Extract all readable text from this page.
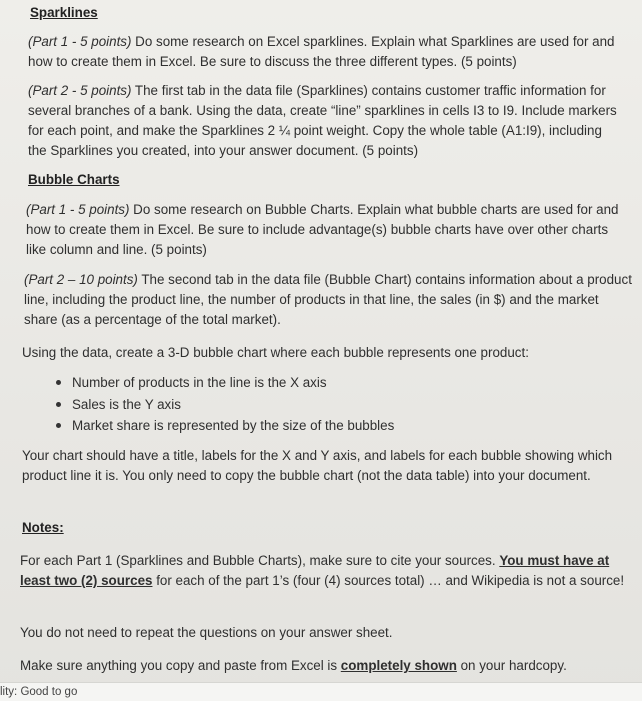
Sparklines
(Part 1 - 5 points) Do some research on Excel sparklines. Explain what Sparklines are used for and how to create them in Excel. Be sure to discuss the three different types. (5 points)
(Part 2 - 5 points) The first tab in the data file (Sparklines) contains customer traffic information for several branches of a bank. Using the data, create “line” sparklines in cells I3 to I9. Include markers for each point, and make the Sparklines 2 ¼ point weight. Copy the whole table (A1:I9), including the Sparklines you created, into your answer document. (5 points)
Bubble Charts
(Part 1 - 5 points) Do some research on Bubble Charts. Explain what bubble charts are used for and how to create them in Excel. Be sure to include advantage(s) bubble charts have over other charts like column and line. (5 points)
(Part 2 – 10 points) The second tab in the data file (Bubble Chart) contains information about a product line, including the product line, the number of products in that line, the sales (in $) and the market share (as a percentage of the total market).
Using the data, create a 3-D bubble chart where each bubble represents one product:
Number of products in the line is the X axis
Sales is the Y axis
Market share is represented by the size of the bubbles
Your chart should have a title, labels for the X and Y axis, and labels for each bubble showing which product line it is. You only need to copy the bubble chart (not the data table) into your document.
Notes:
For each Part 1 (Sparklines and Bubble Charts), make sure to cite your sources. You must have at least two (2) sources for each of the part 1’s (four (4) sources total) … and Wikipedia is not a source!
You do not need to repeat the questions on your answer sheet.
Make sure anything you copy and paste from Excel is completely shown on your hardcopy.
lity: Good to go
